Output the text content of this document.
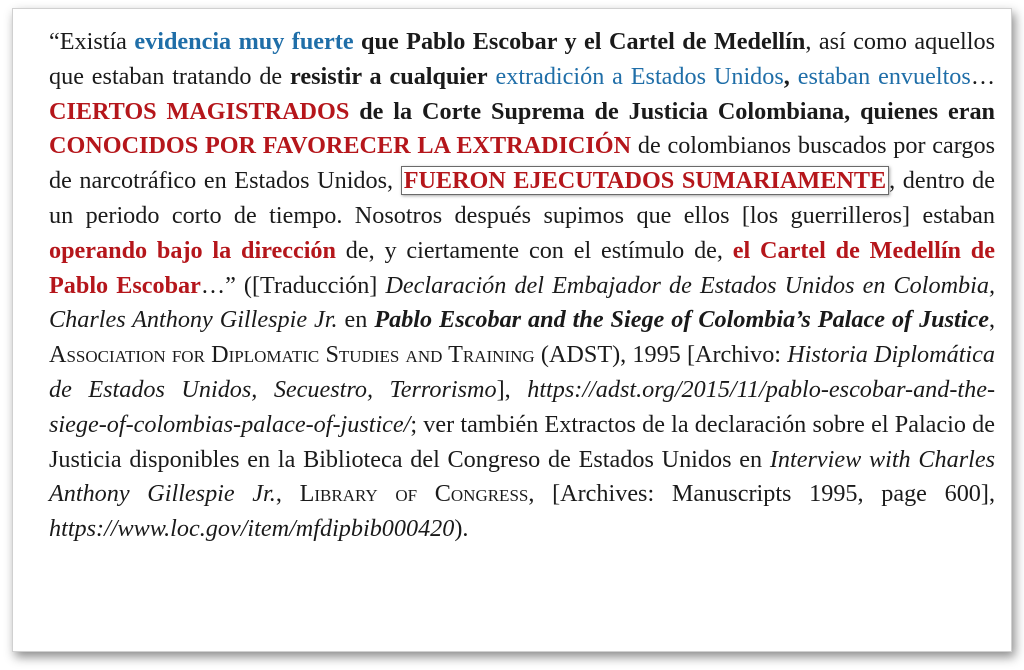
“Existía evidencia muy fuerte que Pablo Escobar y el Cartel de Medellín, así como aquellos que estaban tratando de resistir a cualquier extradición a Estados Unidos, estaban envueltos… CIERTOS MAGISTRADOS de la Corte Suprema de Justicia Colombiana, quienes eran CONOCIDOS POR FAVORECER LA EXTRADICIÓN de colombianos buscados por cargos de narcotráfico en Estados Unidos, FUERON EJECUTADOS SUMARIAMENTE , dentro de un periodo corto de tiempo. Nosotros después supimos que ellos [los guerrilleros] estaban operando bajo la dirección de, y ciertamente con el estímulo de, el Cartel de Medellín de Pablo Escobar…” ([Traducción] Declaración del Embajador de Estados Unidos en Colombia, Charles Anthony Gillespie Jr. en Pablo Escobar and the Siege of Colombia’s Palace of Justice, Association for Diplomatic Studies and Training (ADST), 1995 [Archivo: Historia Diplomática de Estados Unidos, Secuestro, Terrorismo], https://adst.org/2015/11/pablo-escobar-and-the-siege-of-colombias-palace-of-justice/; ver también Extractos de la declaración sobre el Palacio de Justicia disponibles en la Biblioteca del Congreso de Estados Unidos en Interview with Charles Anthony Gillespie Jr., Library of Congress, [Archives: Manuscripts 1995, page 600], https://www.loc.gov/item/mfdipbib000420).
